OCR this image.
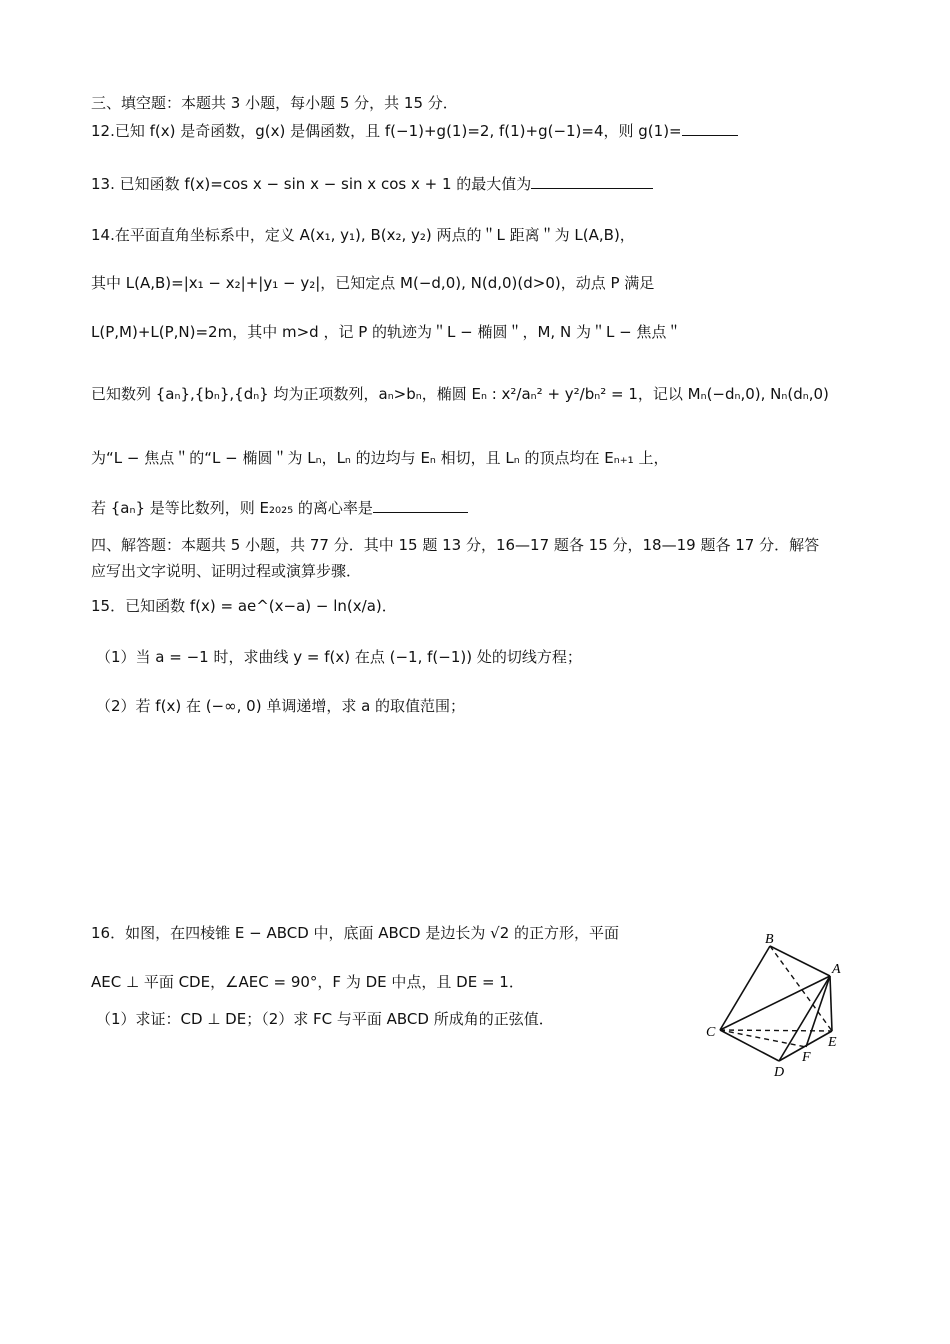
三、填空题：本题共 3 小题，每小题 5 分，共 15 分．
12.已知 f(x) 是奇函数，g(x) 是偶函数，且 f(−1)+g(1)=2, f(1)+g(−1)=4，则 g(1)=
13. 已知函数 f(x)=cos x − sin x − sin x cos x + 1 的最大值为
14.在平面直角坐标系中，定义 A(x₁, y₁), B(x₂, y₂) 两点的＂L 距离＂为 L(A,B)，
其中 L(A,B)=|x₁ − x₂|+|y₁ − y₂|，已知定点 M(−d,0), N(d,0)(d>0)，动点 P 满足
L(P,M)+L(P,N)=2m，其中 m>d ，记 P 的轨迹为＂L − 椭圆＂，M, N 为＂L − 焦点＂
已知数列 {aₙ},{bₙ},{dₙ} 均为正项数列，aₙ>bₙ，椭圆 Eₙ : x²/aₙ² + y²/bₙ² = 1，记以 Mₙ(−dₙ,0), Nₙ(dₙ,0)
为“L − 焦点＂的“L − 椭圆＂为 Lₙ，Lₙ 的边均与 Eₙ 相切，且 Lₙ 的顶点均在 Eₙ₊₁ 上，
若 {aₙ} 是等比数列，则 E₂₀₂₅ 的离心率是
四、解答题：本题共 5 小题，共 77 分．其中 15 题 13 分，16—17 题各 15 分，18—19 题各 17 分．解答
应写出文字说明、证明过程或演算步骤．
15．已知函数 f(x) = ae^(x−a) − ln(x/a)．
（1）当 a = −1 时，求曲线 y = f(x) 在点 (−1, f(−1)) 处的切线方程；
（2）若 f(x) 在 (−∞, 0) 单调递增，求 a 的取值范围；
16．如图，在四棱锥 E − ABCD 中，底面 ABCD 是边长为 √2 的正方形，平面
AEC ⊥ 平面 CDE，∠AEC = 90°，F 为 DE 中点，且 DE = 1．
（1）求证：CD ⊥ DE；（2）求 FC 与平面 ABCD 所成角的正弦值．
B
A
C
E
F
D
